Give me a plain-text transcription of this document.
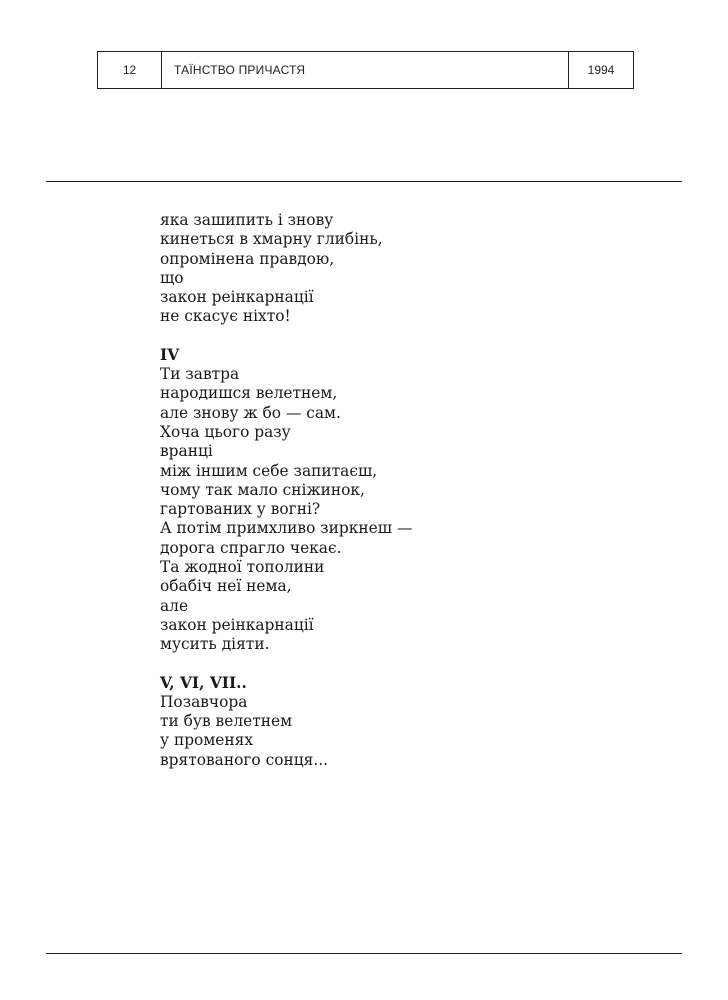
12	ТАЇНСТВО ПРИЧАСТЯ	1994
яка зашипить і знову
кинеться в хмарну глибінь,
опромінена правдою,
що
закон реінкарнації
не скасує ніхто!
IV
Ти завтра
народишся велетнем,
але знову ж бо — сам.
Хоча цього разу
вранці
між іншим себе запитаєш,
чому так мало сніжинок,
гартованих у вогні?
А потім примхливо зиркнеш —
дорога спрагло чекає.
Та жодної тополини
обабіч неї нема,
але
закон реінкарнації
мусить діяти.
V, VI, VII..
Позавчора
ти був велетнем
у променях
врятованого сонця...
